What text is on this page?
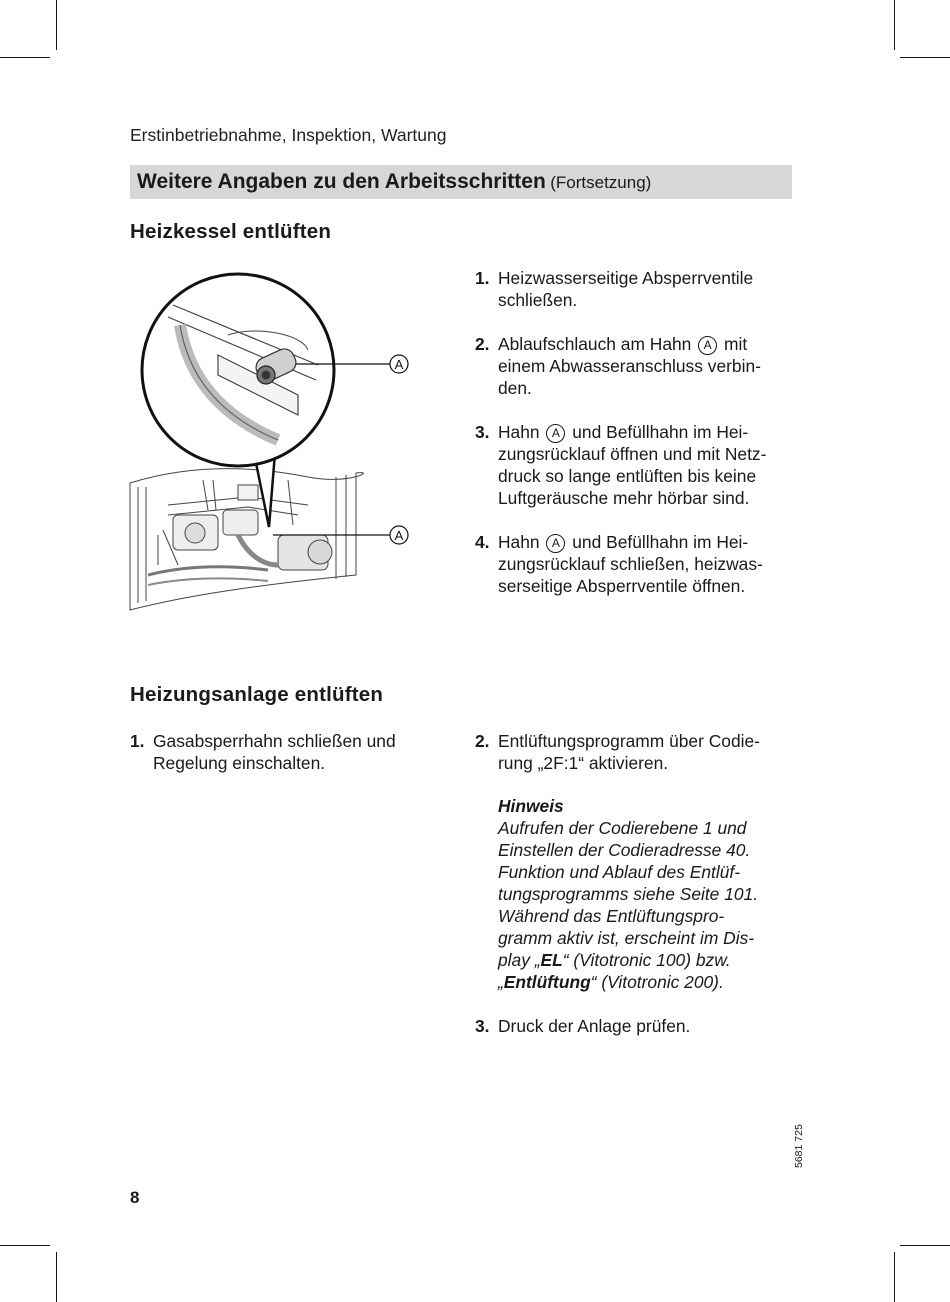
Erstinbetriebnahme, Inspektion, Wartung
Weitere Angaben zu den Arbeitsschritten (Fortsetzung)
Heizkessel entlüften
A
A
1. Heizwasserseitige Absperrventile
schließen.
2. Ablaufschlauch am Hahn A mit
einem Abwasseranschluss verbin-
den.
3. Hahn A und Befüllhahn im Hei-
zungsrücklauf öffnen und mit Netz-
druck so lange entlüften bis keine
Luftgeräusche mehr hörbar sind.
4. Hahn A und Befüllhahn im Hei-
zungsrücklauf schließen, heizwas-
serseitige Absperrventile öffnen.
Heizungsanlage entlüften
1. Gasabsperrhahn schließen und
Regelung einschalten.
2. Entlüftungsprogramm über Codie-
rung „2F:1“ aktivieren.
Hinweis
Aufrufen der Codierebene 1 und
Einstellen der Codieradresse 40.
Funktion und Ablauf des Entlüf-
tungsprogramms siehe Seite 101.
Während das Entlüftungspro-
gramm aktiv ist, erscheint im Dis-
play „EL“ (Vitotronic 100) bzw.
„Entlüftung“ (Vitotronic 200).
3. Druck der Anlage prüfen.
5681 725
8
